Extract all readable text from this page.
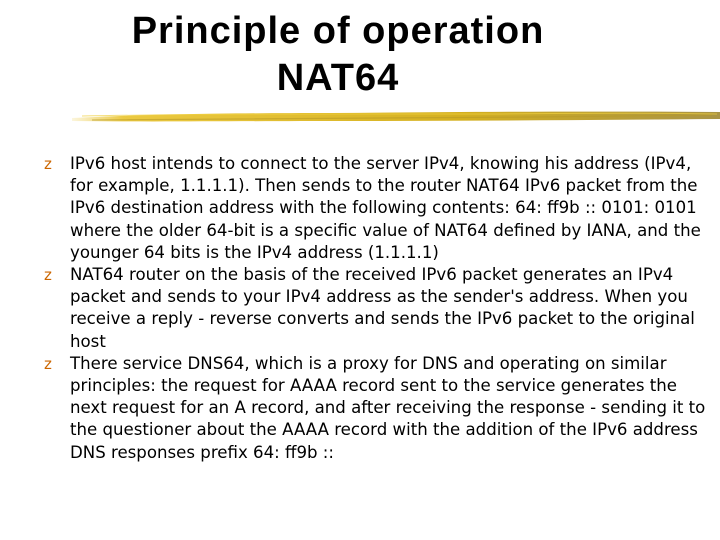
Principle of operation
NAT64
z	IPv6 host intends to connect to the server IPv4, knowing his address (IPv4, for example, 1.1.1.1). Then sends to the router NAT64 IPv6 packet from the IPv6 destination address with the following contents: 64: ff9b :: 0101: 0101 where the older 64-bit is a specific value of NAT64 defined by IANA, and the younger 64 bits is the IPv4 address (1.1.1.1)
z	NAT64 router on the basis of the received IPv6 packet generates an IPv4 packet and sends to your IPv4 address as the sender's address. When you receive a reply - reverse converts and sends the IPv6 packet to the original host
z	There service DNS64, which is a proxy for DNS and operating on similar principles: the request for AAAA record sent to the service generates the next request for an A record, and after receiving the response - sending it to the questioner about the AAAA record with the addition of the IPv6 address DNS responses prefix 64: ff9b ::
